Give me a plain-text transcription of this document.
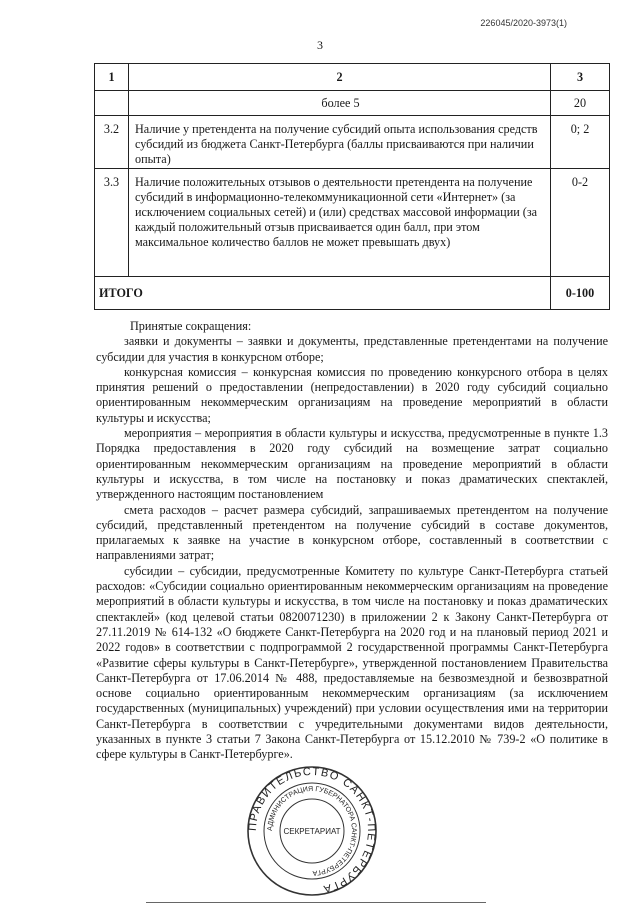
226045/2020-3973(1)
3
1	2	3
	более 5	20
3.2	Наличие у претендента на получение субсидий опыта использования средств субсидий из бюджета Санкт-Петербурга (баллы присваиваются при наличии опыта)	0; 2
3.3	Наличие положительных отзывов о деятельности претендента на получение субсидий в информационно-телекоммуникационной сети «Интернет» (за исключением социальных сетей) и (или) средствах массовой информации (за каждый положительный отзыв присваивается один балл, при этом максимальное количество баллов не может превышать двух)	0-2
ИТОГО		0-100

Принятые сокращения:

заявки и документы – заявки и документы, представленные претендентами на получение субсидии для участия в конкурсном отборе;

конкурсная комиссия – конкурсная комиссия по проведению конкурсного отбора в целях принятия решений о предоставлении (непредоставлении) в 2020 году субсидий социально ориентированным некоммерческим организациям на проведение мероприятий в области культуры и искусства;

мероприятия – мероприятия в области культуры и искусства, предусмотренные в пункте 1.3 Порядка предоставления в 2020 году субсидий на возмещение затрат социально ориентированным некоммерческим организациям на проведение мероприятий в области культуры и искусства, в том числе на постановку и показ драматических спектаклей, утвержденного настоящим постановлением

смета расходов – расчет размера субсидий, запрашиваемых претендентом на получение субсидий, представленный претендентом на получение субсидий в составе документов, прилагаемых к заявке на участие в конкурсном отборе, составленный в соответствии с направлениями затрат;

субсидии – субсидии, предусмотренные Комитету по культуре Санкт-Петербурга статьей расходов: «Субсидии социально ориентированным некоммерческим организациям на проведение мероприятий в области культуры и искусства, в том числе на постановку и показ драматических спектаклей» (код целевой статьи 0820071230) в приложении 2 к Закону Санкт-Петербурга от 27.11.2019 № 614-132 «О бюджете Санкт-Петербурга на 2020 год и на плановый период 2021 и 2022 годов» в соответствии с подпрограммой 2 государственной программы Санкт-Петербурга «Развитие сферы культуры в Санкт-Петербурге», утвержденной постановлением Правительства Санкт-Петербурга от 17.06.2014 № 488, предоставляемые на безвозмездной и безвозвратной основе социально ориентированным некоммерческим организациям (за исключением государственных (муниципальных) учреждений) при условии осуществления ими на территории Санкт-Петербурга в соответствии с учредительными документами видов деятельности, указанных в пункте 3 статьи 7 Закона Санкт-Петербурга от 15.12.2010 № 739-2 «О политике в сфере культуры в Санкт-Петербурге».

ПРАВИТЕЛЬСТВО САНКТ-ПЕТЕРБУРГА
АДМИНИСТРАЦИЯ ГУБЕРНАТОРА САНКТ-ПЕТЕРБУРГА
СЕКРЕТАРИАТ
